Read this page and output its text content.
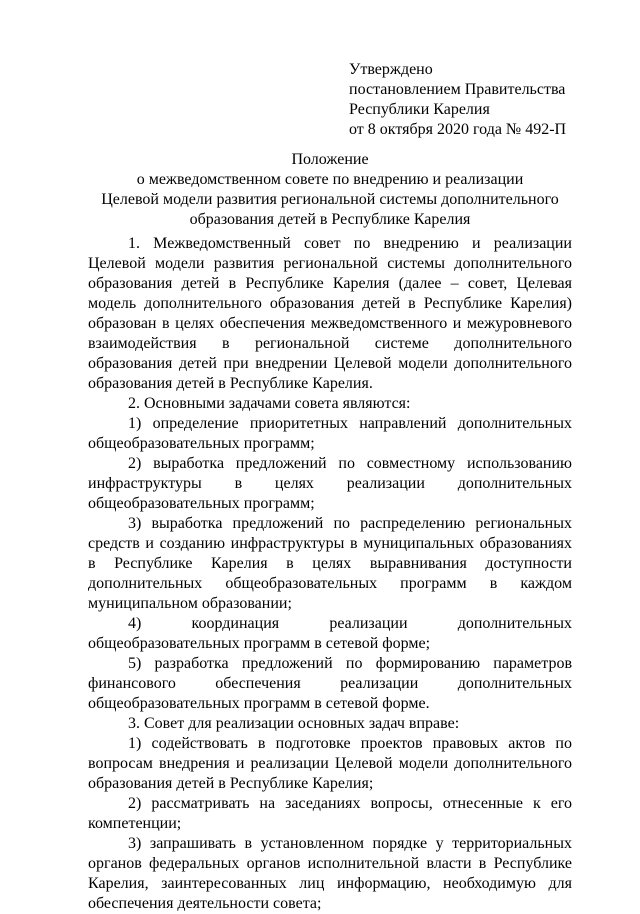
Утверждено
постановлением Правительства
Республики Карелия
от 8 октября 2020 года № 492-П
Положение
о межведомственном совете по внедрению и реализации
Целевой модели развития региональной системы дополнительного
образования детей в Республике Карелия

1. Межведомственный совет по внедрению и реализации Целевой модели развития региональной системы дополнительного образования детей в Республике Карелия (далее – совет, Целевая модель дополнительного образования детей в Республике Карелия) образован в целях обеспечения межведомственного и межуровневого взаимодействия в региональной системе дополнительного образования детей при внедрении Целевой модели дополнительного образования детей в Республике Карелия.

2. Основными задачами совета являются:

1) определение приоритетных направлений дополнительных общеобразовательных программ;

2) выработка предложений по совместному использованию инфраструктуры в целях реализации дополнительных общеобразовательных программ;

3) выработка предложений по распределению региональных средств и созданию инфраструктуры в муниципальных образованиях в Республике Карелия в целях выравнивания доступности дополнительных общеобразовательных программ в каждом муниципальном образовании;

4) координация реализации дополнительных общеобразовательных программ в сетевой форме;

5) разработка предложений по формированию параметров финансового обеспечения реализации дополнительных общеобразовательных программ в сетевой форме.

3. Совет для реализации основных задач вправе:

1) содействовать в подготовке проектов правовых актов по вопросам внедрения и реализации Целевой модели дополнительного образования детей в Республике Карелия;

2) рассматривать на заседаниях вопросы, отнесенные к его компетенции;

3) запрашивать в установленном порядке у территориальных органов федеральных органов исполнительной власти в Республике Карелия, заинтересованных лиц информацию, необходимую для обеспечения деятельности совета;
